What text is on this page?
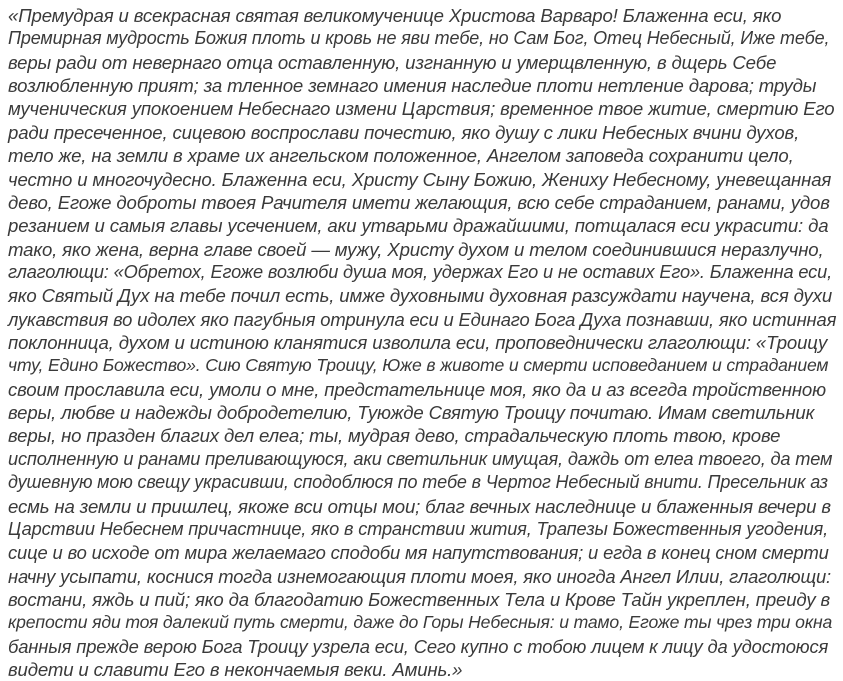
«Премудрая и всекрасная святая великомученице Христова Варваро! Блаженна еси, яко
Премирная мудрость Божия плоть и кровь не яви тебе, но Сам Бог, Отец Небесный, Иже тебе,
веры ради от невернаго отца оставленную, изгнанную и умерщвленную, в дщерь Себе
возлюбленную прият; за тленное земнаго имения наследие плоти нетление дарова; труды
мученическия упокоением Небеснаго измени Царствия; временное твое житие, смертию Его
ради пресеченное, сицевою воспрослави почестию, яко душу с лики Небесных вчини духов,
тело же, на земли в храме их ангельском положенное, Ангелом заповеда сохранити цело,
честно и многочудесно. Блаженна еси, Христу Сыну Божию, Жениху Небесному, уневещанная
дево, Егоже доброты твоея Рачителя имети желающия, всю себе страданием, ранами, удов
резанием и самыя главы усечением, аки утварьми дражайшими, потщалася еси украсити: да
тако, яко жена, верна главе своей — мужу, Христу духом и телом соединившися неразлучно,
глаголющи: «Обретох, Егоже возлюби душа моя, удержах Его и не оставих Его». Блаженна еси,
яко Святый Дух на тебе почил есть, имже духовными духовная разсуждати научена, вся духи
лукавствия во идолех яко пагубныя отринула еси и Единаго Бога Духа познавши, яко истинная
поклонница, духом и истиною кланятися изволила еси, проповеднически глаголющи: «Троицу
чту, Едино Божество». Сию Святую Троицу, Юже в животе и смерти исповеданием и страданием
своим прославила еси, умоли о мне, предстательнице моя, яко да и аз всегда тройственною
веры, любве и надежды добродетелию, Туюжде Святую Троицу почитаю. Имам светильник
веры, но празден благих дел елеа; ты, мудрая дево, страдальческую плоть твою, крове
исполненную и ранами преливающуюся, аки светильник имущая, даждь от елеа твоего, да тем
душевную мою свещу украсивши, сподоблюся по тебе в Чертог Небесный внити. Пресельник аз
есмь на земли и пришлец, якоже вси отцы мои; благ вечных наследнице и блаженныя вечери в
Царствии Небеснем причастнице, яко в странствии жития, Трапезы Божественныя угодения,
сице и во исходе от мира желаемаго сподоби мя напутствования; и егда в конец сном смерти
начну усыпати, коснися тогда изнемогающия плоти моея, яко иногда Ангел Илии, глаголющи:
востани, яждь и пий; яко да благодатию Божественных Тела и Крове Тайн укреплен, преиду в
крепости яди тоя далекий путь смерти, даже до Горы Небесныя: и тамо, Егоже ты чрез три окна
банныя прежде верою Бога Троицу узрела еси, Сего купно с тобою лицем к лицу да удостоюся
видети и славити Его в некончаемыя веки. Аминь.»
